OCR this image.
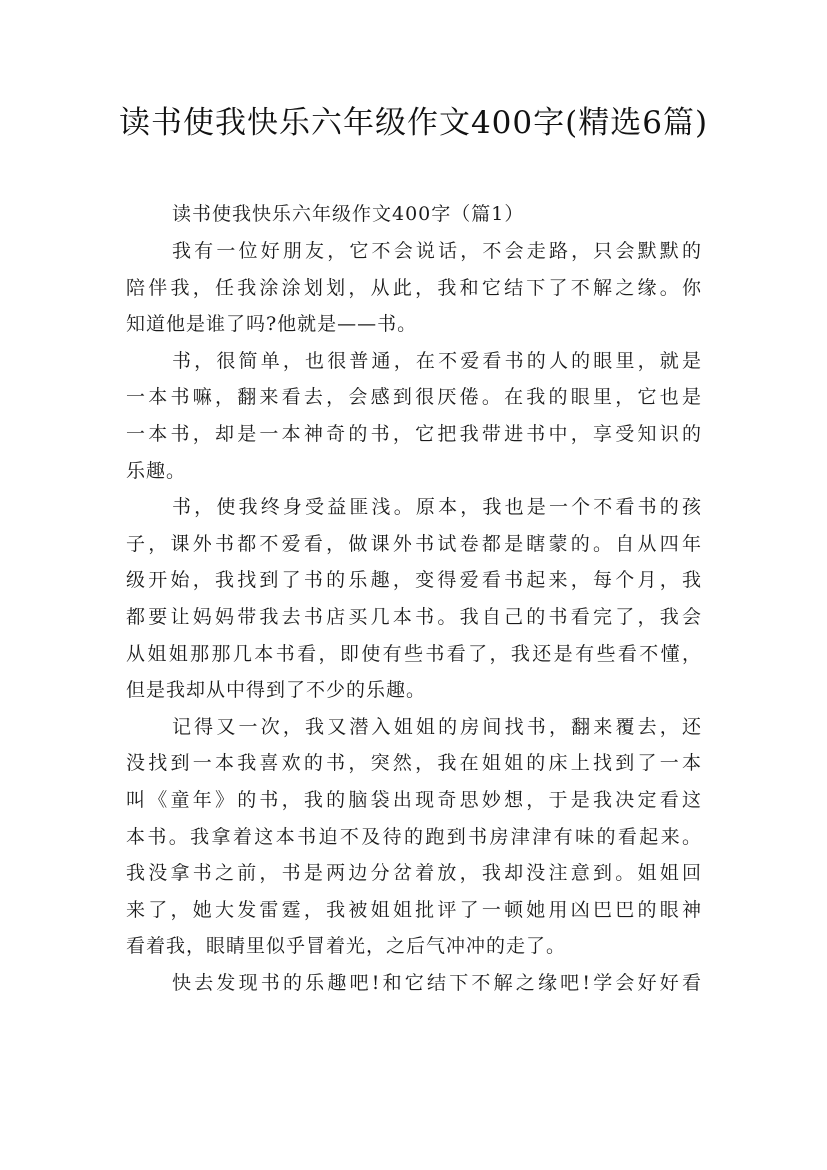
读书使我快乐六年级作文400字(精选6篇)
读书使我快乐六年级作文400字（篇1）
我有一位好朋友，它不会说话，不会走路，只会默默的
陪伴我，任我涂涂划划，从此，我和它结下了不解之缘。你
知道他是谁了吗?他就是——书。
书，很简单，也很普通，在不爱看书的人的眼里，就是
一本书嘛，翻来看去，会感到很厌倦。在我的眼里，它也是
一本书，却是一本神奇的书，它把我带进书中，享受知识的
乐趣。
书，使我终身受益匪浅。原本，我也是一个不看书的孩
子，课外书都不爱看，做课外书试卷都是瞎蒙的。自从四年
级开始，我找到了书的乐趣，变得爱看书起来，每个月，我
都要让妈妈带我去书店买几本书。我自己的书看完了，我会
从姐姐那那几本书看，即使有些书看了，我还是有些看不懂，
但是我却从中得到了不少的乐趣。
记得又一次，我又潜入姐姐的房间找书，翻来覆去，还
没找到一本我喜欢的书，突然，我在姐姐的床上找到了一本
叫《童年》的书，我的脑袋出现奇思妙想，于是我决定看这
本书。我拿着这本书迫不及待的跑到书房津津有味的看起来。
我没拿书之前，书是两边分岔着放，我却没注意到。姐姐回
来了，她大发雷霆，我被姐姐批评了一顿她用凶巴巴的眼神
看着我，眼睛里似乎冒着光，之后气冲冲的走了。
快去发现书的乐趣吧!和它结下不解之缘吧!学会好好看
